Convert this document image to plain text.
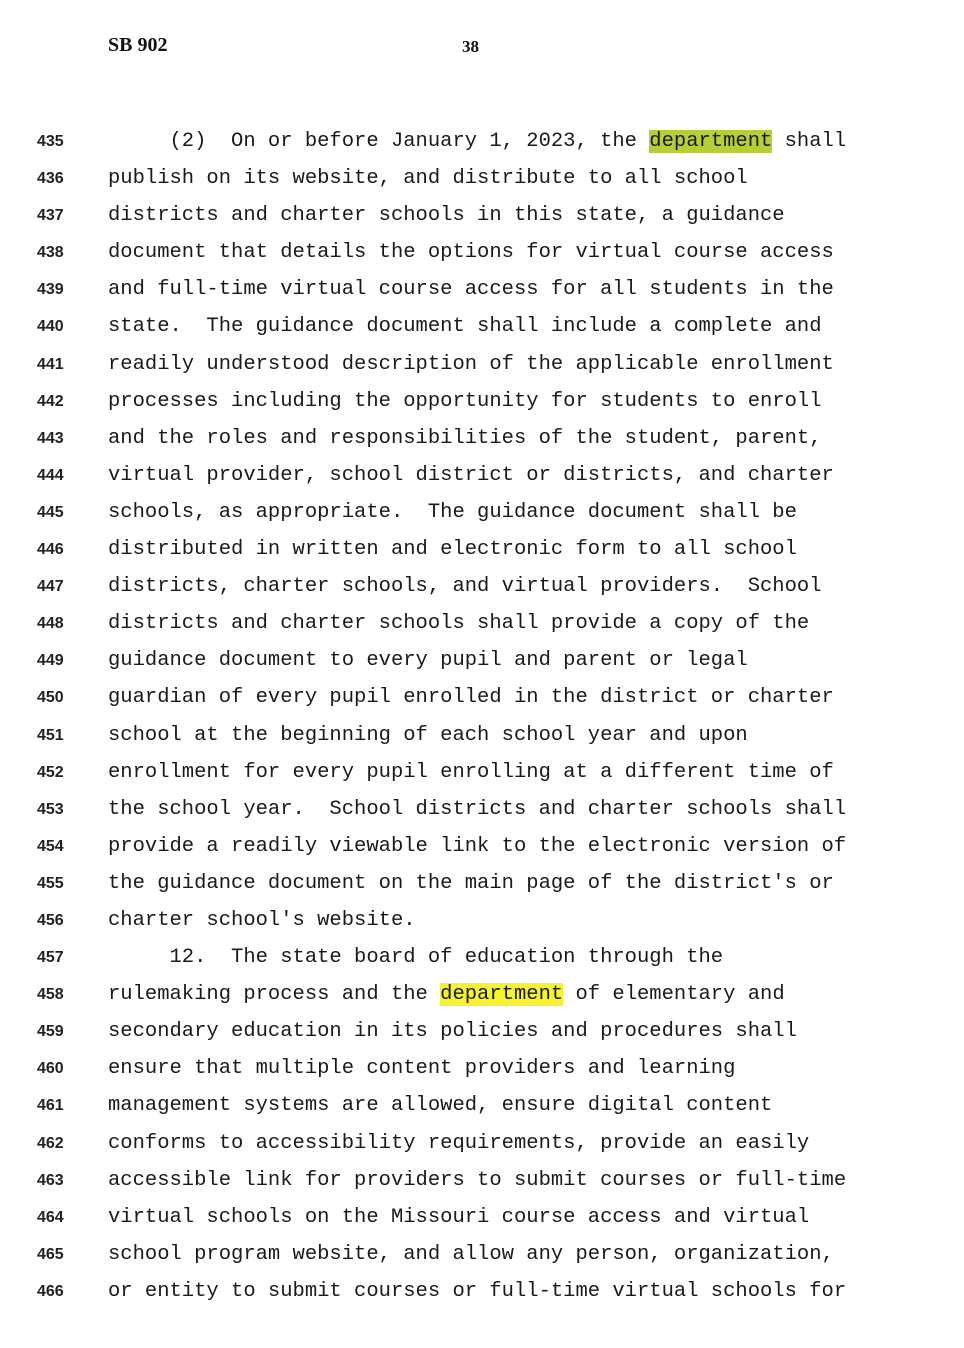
SB 902	38
435 (2)  On or before January 1, 2023, the department shall
436 publish on its website, and distribute to all school
437 districts and charter schools in this state, a guidance
438 document that details the options for virtual course access
439 and full-time virtual course access for all students in the
440 state.  The guidance document shall include a complete and
441 readily understood description of the applicable enrollment
442 processes including the opportunity for students to enroll
443 and the roles and responsibilities of the student, parent,
444 virtual provider, school district or districts, and charter
445 schools, as appropriate.  The guidance document shall be
446 distributed in written and electronic form to all school
447 districts, charter schools, and virtual providers.  School
448 districts and charter schools shall provide a copy of the
449 guidance document to every pupil and parent or legal
450 guardian of every pupil enrolled in the district or charter
451 school at the beginning of each school year and upon
452 enrollment for every pupil enrolling at a different time of
453 the school year.  School districts and charter schools shall
454 provide a readily viewable link to the electronic version of
455 the guidance document on the main page of the district's or
456 charter school's website.
457 12.  The state board of education through the
458 rulemaking process and the department of elementary and
459 secondary education in its policies and procedures shall
460 ensure that multiple content providers and learning
461 management systems are allowed, ensure digital content
462 conforms to accessibility requirements, provide an easily
463 accessible link for providers to submit courses or full-time
464 virtual schools on the Missouri course access and virtual
465 school program website, and allow any person, organization,
466 or entity to submit courses or full-time virtual schools for
